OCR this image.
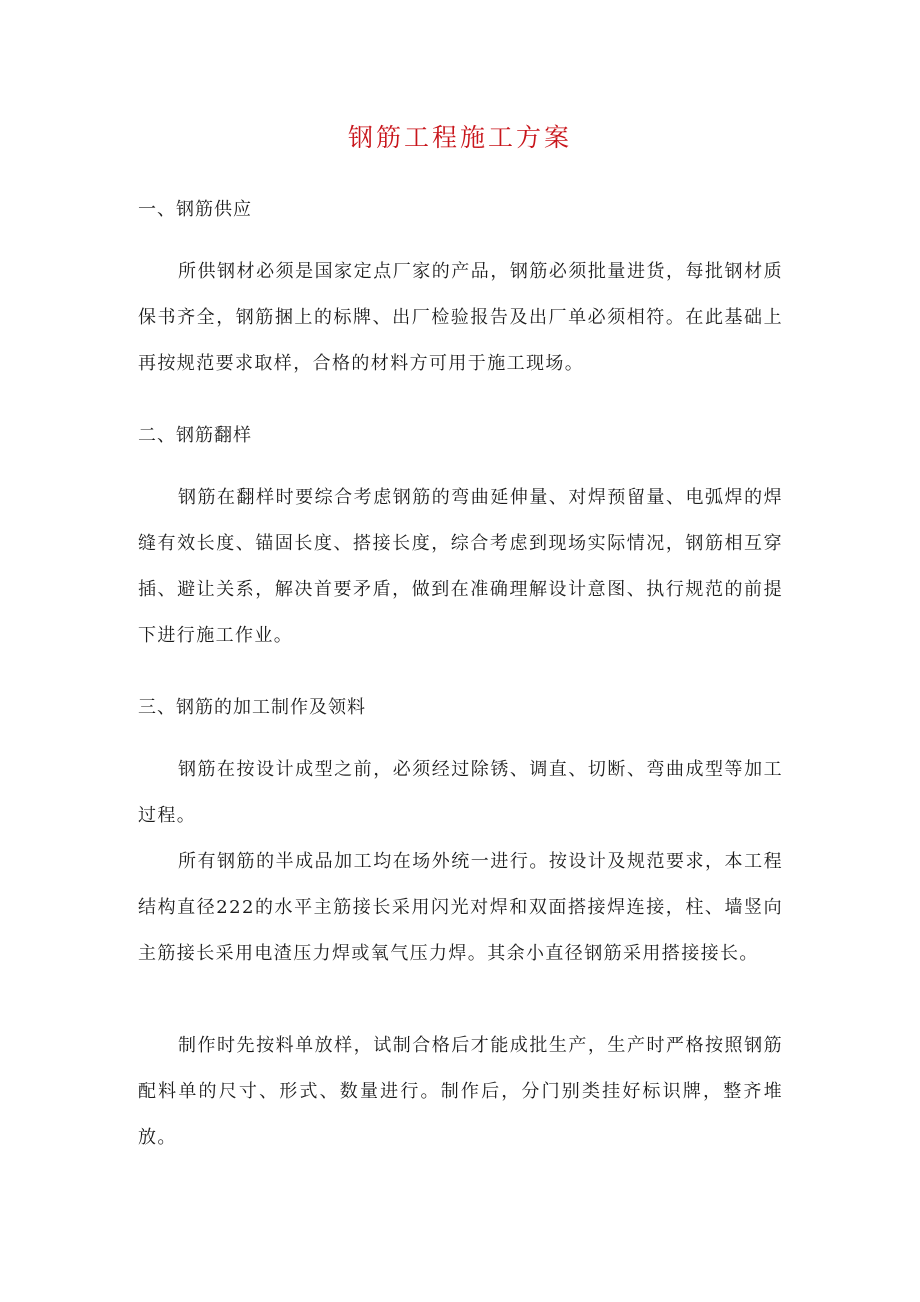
钢筋工程施工方案
一、钢筋供应

所供钢材必须是国家定点厂家的产品，钢筋必须批量进货，每批钢材质保书齐全，钢筋捆上的标牌、出厂检验报告及出厂单必须相符。在此基础上再按规范要求取样，合格的材料方可用于施工现场。

二、钢筋翻样

钢筋在翻样时要综合考虑钢筋的弯曲延伸量、对焊预留量、电弧焊的焊缝有效长度、锚固长度、搭接长度，综合考虑到现场实际情况，钢筋相互穿插、避让关系，解决首要矛盾，做到在准确理解设计意图、执行规范的前提下进行施工作业。

三、钢筋的加工制作及领料

钢筋在按设计成型之前，必须经过除锈、调直、切断、弯曲成型等加工过程。

所有钢筋的半成品加工均在场外统一进行。按设计及规范要求，本工程结构直径222的水平主筋接长采用闪光对焊和双面搭接焊连接，柱、墙竖向主筋接长采用电渣压力焊或氧气压力焊。其余小直径钢筋采用搭接接长。

制作时先按料单放样，试制合格后才能成批生产，生产时严格按照钢筋配料单的尺寸、形式、数量进行。制作后，分门别类挂好标识牌，整齐堆放。
